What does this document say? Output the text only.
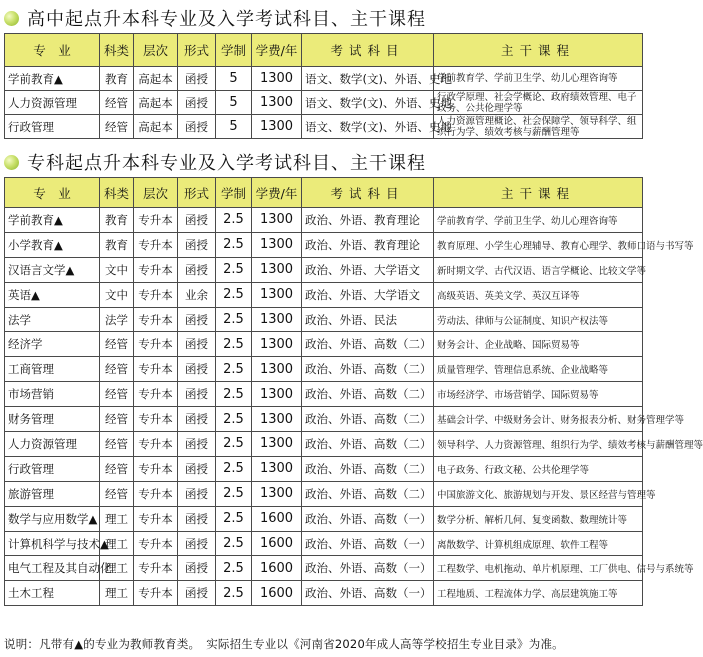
高中起点升本科专业及入学考试科目、主干课程
专　业	科类	层次	形式	学制	学费/年	考试科目	主干课程
学前教育▲	教育	高起本	函授	5	1300	语文、数学(文)、外语、史地	学前教育学、学前卫生学、幼儿心理咨询等
人力资源管理	经管	高起本	函授	5	1300	语文、数学(文)、外语、史地	行政学原理、社会学概论、政府绩效管理、电子政务、公共伦理学等
行政管理	经管	高起本	函授	5	1300	语文、数学(文)、外语、史地	人力资源管理概论、社会保障学、领导科学、组织行为学、绩效考核与薪酬管理等
专科起点升本科专业及入学考试科目、主干课程
专　业	科类	层次	形式	学制	学费/年	考试科目	主干课程
学前教育▲	教育	专升本	函授	2.5	1300	政治、外语、教育理论	学前教育学、学前卫生学、幼儿心理咨询等
小学教育▲	教育	专升本	函授	2.5	1300	政治、外语、教育理论	教育原理、小学生心理辅导、教育心理学、教师口语与书写等
汉语言文学▲	文中	专升本	函授	2.5	1300	政治、外语、大学语文	新时期文学、古代汉语、语言学概论、比较文学等
英语▲	文中	专升本	业余	2.5	1300	政治、外语、大学语文	高级英语、英美文学、英汉互译等
法学	法学	专升本	函授	2.5	1300	政治、外语、民法	劳动法、律师与公证制度、知识产权法等
经济学	经管	专升本	函授	2.5	1300	政治、外语、高数（二）	财务会计、企业战略、国际贸易等
工商管理	经管	专升本	函授	2.5	1300	政治、外语、高数（二）	质量管理学、管理信息系统、企业战略等
市场营销	经管	专升本	函授	2.5	1300	政治、外语、高数（二）	市场经济学、市场营销学、国际贸易等
财务管理	经管	专升本	函授	2.5	1300	政治、外语、高数（二）	基础会计学、中级财务会计、财务报表分析、财务管理学等
人力资源管理	经管	专升本	函授	2.5	1300	政治、外语、高数（二）	领导科学、人力资源管理、组织行为学、绩效考核与薪酬管理等
行政管理	经管	专升本	函授	2.5	1300	政治、外语、高数（二）	电子政务、行政文秘、公共伦理学等
旅游管理	经管	专升本	函授	2.5	1300	政治、外语、高数（二）	中国旅游文化、旅游规划与开发、景区经营与管理等
数学与应用数学▲	理工	专升本	函授	2.5	1600	政治、外语、高数（一）	数学分析、解析几何、复变函数、数理统计等
计算机科学与技术▲	理工	专升本	函授	2.5	1600	政治、外语、高数（一）	离散数学、计算机组成原理、软件工程等
电气工程及其自动化	理工	专升本	函授	2.5	1600	政治、外语、高数（一）	工程数学、电机拖动、单片机原理、工厂供电、信号与系统等
土木工程	理工	专升本	函授	2.5	1600	政治、外语、高数（一）	工程地质、工程流体力学、高层建筑施工等
说明：凡带有▲的专业为教师教育类。　实际招生专业以《河南省2020年成人高等学校招生专业目录》为准。
